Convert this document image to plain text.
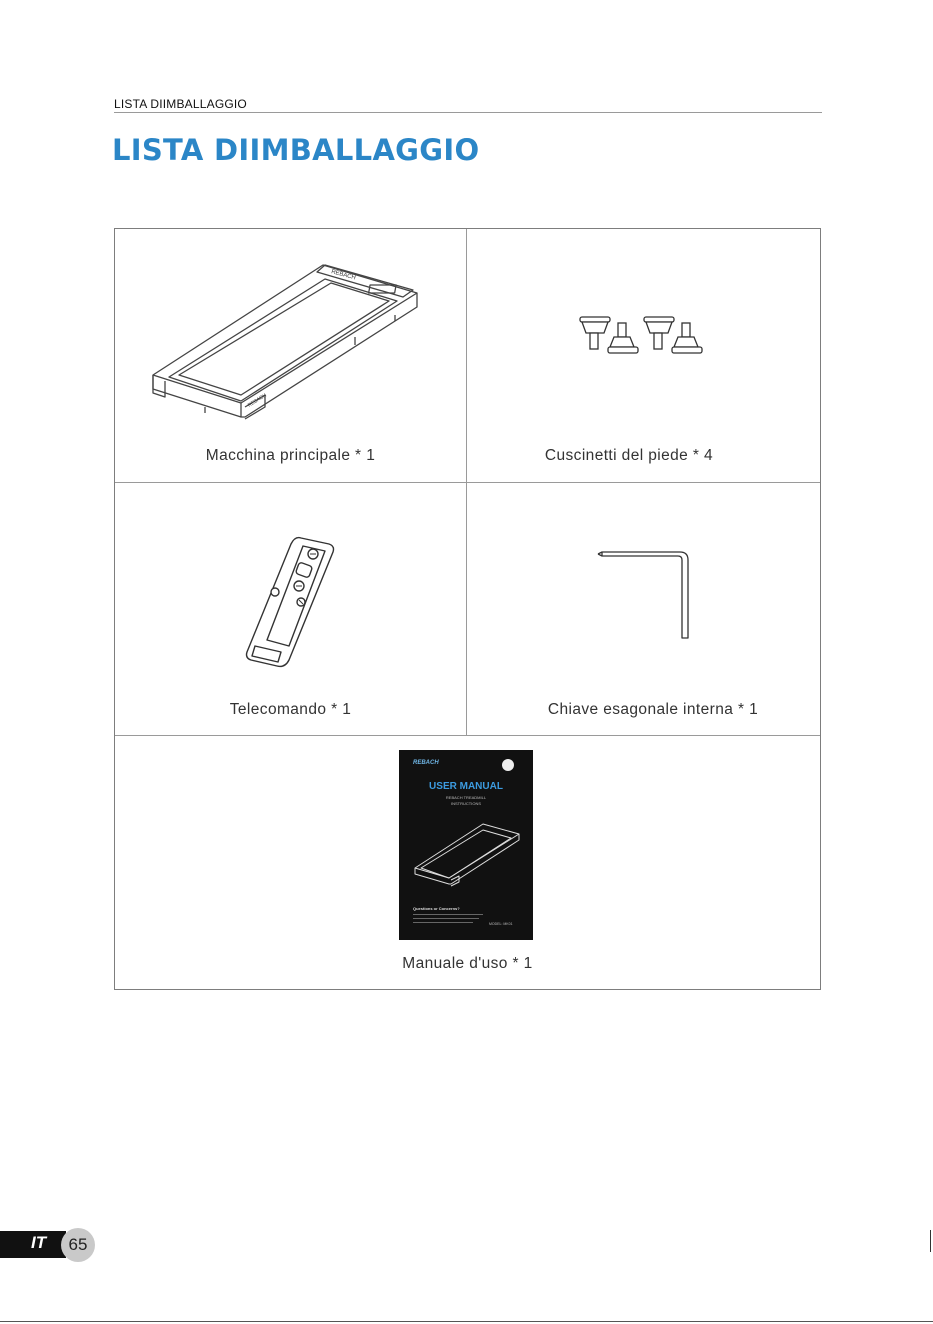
LISTA DIIMBALLAGGIO
LISTA DIIMBALLAGGIO
REBACH
REBACH
Macchina principale * 1	Cuscinetti del piede * 4
Telecomando * 1	Chiave esagonale interna * 1
REBACH
USER MANUAL
REBACH TREADMILL
INSTRUCTIONS
Questions or Concerns?
MODEL: MK01
Manuale d'uso * 1
IT	65
